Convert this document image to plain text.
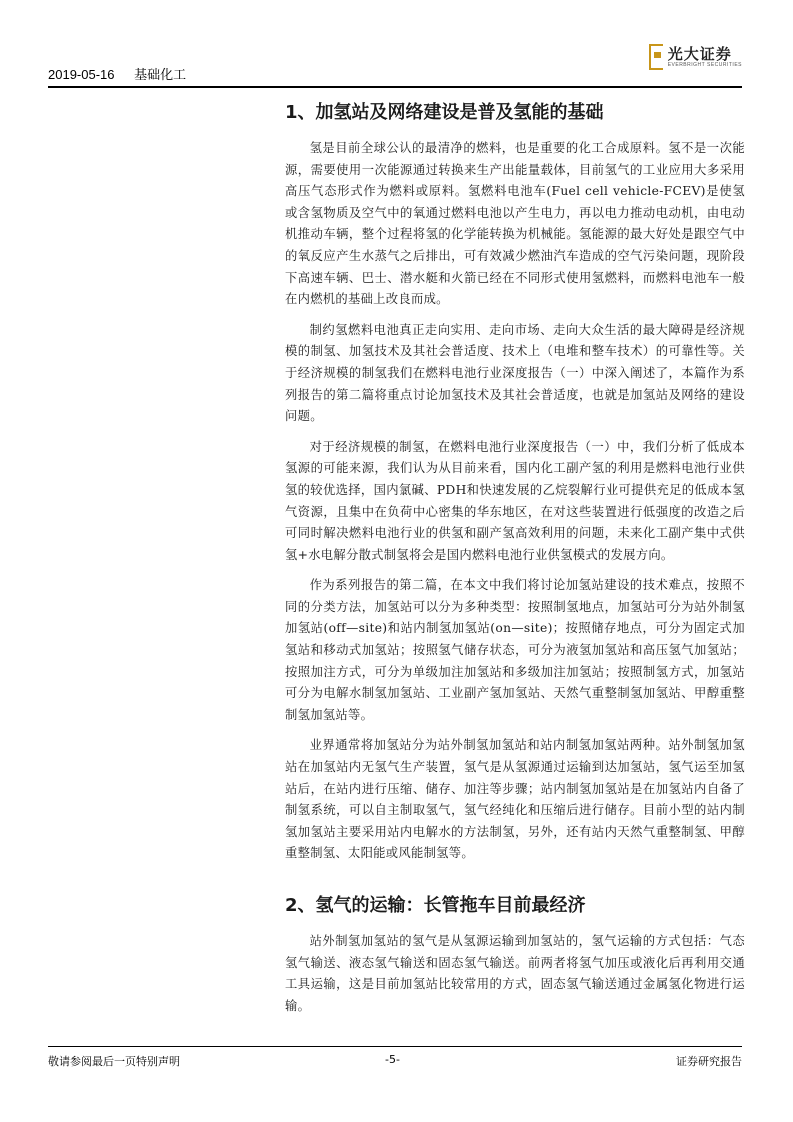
2019-05-16 基础化工
光大证券
EVERBRIGHT SECURITIES
1、加氢站及网络建设是普及氢能的基础

氢是目前全球公认的最清净的燃料，也是重要的化工合成原料。氢不是一次能源，需要使用一次能源通过转换来生产出能量载体，目前氢气的工业应用大多采用高压气态形式作为燃料或原料。氢燃料电池车(Fuel cell vehicle-FCEV)是使氢或含氢物质及空气中的氧通过燃料电池以产生电力，再以电力推动电动机，由电动机推动车辆，整个过程将氢的化学能转换为机械能。氢能源的最大好处是跟空气中的氧反应产生水蒸气之后排出，可有效减少燃油汽车造成的空气污染问题，现阶段下高速车辆、巴士、潜水艇和火箭已经在不同形式使用氢燃料，而燃料电池车一般在内燃机的基础上改良而成。

制约氢燃料电池真正走向实用、走向市场、走向大众生活的最大障碍是经济规模的制氢、加氢技术及其社会普适度、技术上（电堆和整车技术）的可靠性等。关于经济规模的制氢我们在燃料电池行业深度报告（一）中深入阐述了，本篇作为系列报告的第二篇将重点讨论加氢技术及其社会普适度，也就是加氢站及网络的建设问题。

对于经济规模的制氢，在燃料电池行业深度报告（一）中，我们分析了低成本氢源的可能来源，我们认为从目前来看，国内化工副产氢的利用是燃料电池行业供氢的较优选择，国内氯碱、PDH和快速发展的乙烷裂解行业可提供充足的低成本氢气资源，且集中在负荷中心密集的华东地区，在对这些装置进行低强度的改造之后可同时解决燃料电池行业的供氢和副产氢高效利用的问题，未来化工副产集中式供氢+水电解分散式制氢将会是国内燃料电池行业供氢模式的发展方向。

作为系列报告的第二篇，在本文中我们将讨论加氢站建设的技术难点，按照不同的分类方法，加氢站可以分为多种类型：按照制氢地点，加氢站可分为站外制氢加氢站(off—site)和站内制氢加氢站(on—site)；按照储存地点，可分为固定式加氢站和移动式加氢站；按照氢气储存状态，可分为液氢加氢站和高压氢气加氢站；按照加注方式，可分为单级加注加氢站和多级加注加氢站；按照制氢方式，加氢站可分为电解水制氢加氢站、工业副产氢加氢站、天然气重整制氢加氢站、甲醇重整制氢加氢站等。

业界通常将加氢站分为站外制氢加氢站和站内制氢加氢站两种。站外制氢加氢站在加氢站内无氢气生产装置，氢气是从氢源通过运输到达加氢站，氢气运至加氢站后，在站内进行压缩、储存、加注等步骤；站内制氢加氢站是在加氢站内自备了制氢系统，可以自主制取氢气，氢气经纯化和压缩后进行储存。目前小型的站内制氢加氢站主要采用站内电解水的方法制氢，另外，还有站内天然气重整制氢、甲醇重整制氢、太阳能或风能制氢等。

2、氢气的运输：长管拖车目前最经济

站外制氢加氢站的氢气是从氢源运输到加氢站的，氢气运输的方式包括：气态氢气输送、液态氢气输送和固态氢气输送。前两者将氢气加压或液化后再利用交通工具运输，这是目前加氢站比较常用的方式，固态氢气输送通过金属氢化物进行运输。

敬请参阅最后一页特别声明	-5-	证券研究报告
